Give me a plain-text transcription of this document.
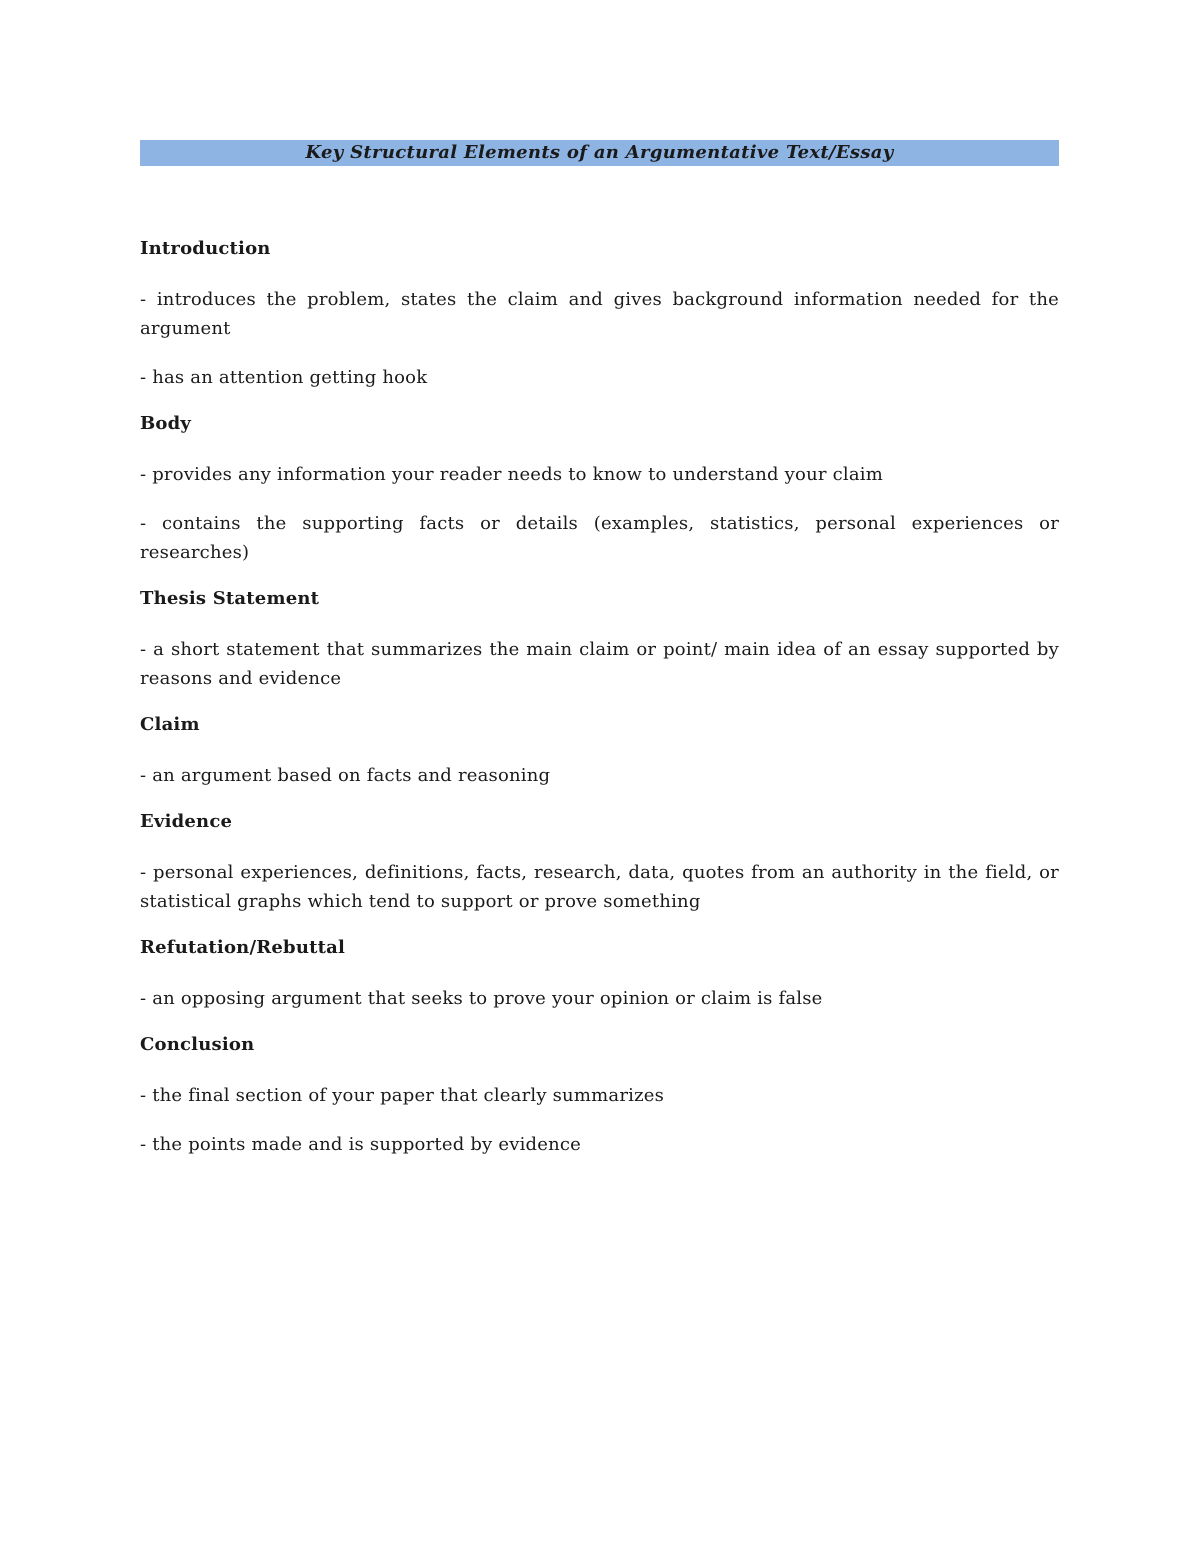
Key Structural Elements of an Argumentative Text/Essay
Introduction
- introduces the problem, states the claim and gives background information needed for the argument
- has an attention getting hook
Body
- provides any information your reader needs to know to understand your claim
- contains the supporting facts or details (examples, statistics, personal experiences or researches)
Thesis Statement
- a short statement that summarizes the main claim or point/ main idea of an essay supported by reasons and evidence
Claim
- an argument based on facts and reasoning
Evidence
- personal experiences, definitions, facts, research, data, quotes from an authority in the field, or statistical graphs which tend to support or prove something
Refutation/Rebuttal
- an opposing argument that seeks to prove your opinion or claim is false
Conclusion
- the final section of your paper that clearly summarizes
- the points made and is supported by evidence
